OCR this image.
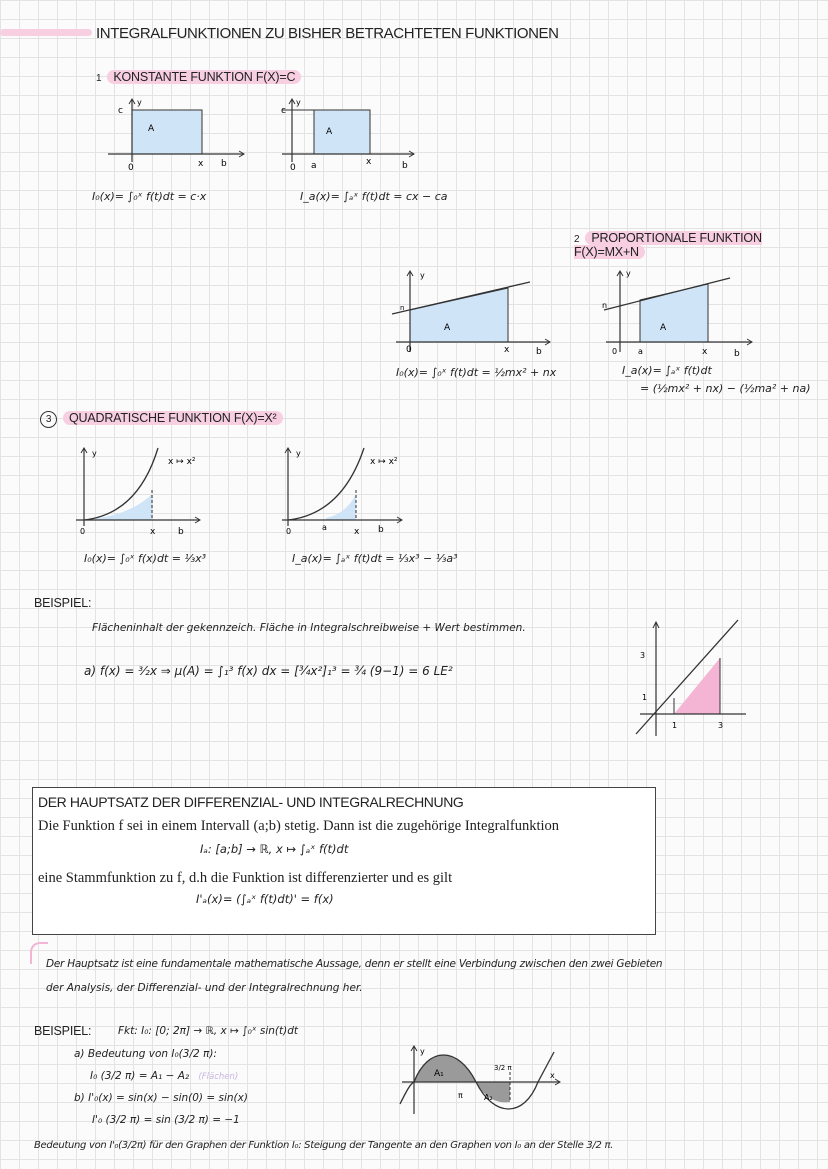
INTEGRALFUNKTIONEN ZU BISHER BETRACHTETEN FUNKTIONEN
1 KONSTANTE FUNKTION F(X)=C
c
y
A
0	x b
I₀(x)= ∫₀ˣ f(t)dt = c·x
c
y
A
0 a	x	b
I_a(x)= ∫ₐˣ f(t)dt = cx − ca
2 PROPORTIONALE FUNKTION F(X)=MX+N
y
n
A
0	x	b
I₀(x)= ∫₀ˣ f(t)dt = ½mx² + nx
y
n
A
0	a	x	b
I_a(x)= ∫ₐˣ f(t)dt
= (½mx² + nx) − (½ma² + na)
3 QUADRATISCHE FUNKTION F(X)=X²
y
x ↦ x²
0	x	b
I₀(x)= ∫₀ˣ f(x)dt = ⅓x³
y
x ↦ x²
0	a	x b
I_a(x)= ∫ₐˣ f(t)dt = ⅓x³ − ⅓a³
BEISPIEL:
Flächeninhalt der gekennzeich. Fläche in Integralschreibweise + Wert bestimmen.
a) f(x) = ³⁄₂x ⇒ μ(A) = ∫₁³ f(x) dx = [¾x²]₁³ = ¾ (9−1) = 6 LE²
3
1
1	3
DER HAUPTSATZ DER DIFFERENZIAL- UND INTEGRALRECHNUNG
Die Funktion f sei in einem Intervall (a;b) stetig. Dann ist die zugehörige Integralfunktion
Iₐ: [a;b] → ℝ, x ↦ ∫ₐˣ f(t)dt
eine Stammfunktion zu f, d.h die Funktion ist differenzierter und es gilt
I'ₐ(x)= (∫ₐˣ f(t)dt)' = f(x)
Der Hauptsatz ist eine fundamentale mathematische Aussage, denn er stellt eine Verbindung zwischen den zwei Gebieten
der Analysis, der Differenzial- und der Integralrechnung her.
BEISPIEL:	Fkt: I₀: [0; 2π] → ℝ, x ↦ ∫₀ˣ sin(t)dt
a) Bedeutung von I₀(3/2 π):
I₀ (3/2 π) = A₁ − A₂ (Flächen)
b) I'₀(x) = sin(x) − sin(0) = sin(x)
I'₀ (3/2 π) = sin (3/2 π) = −1
Bedeutung von I'₀(3/2π) für den Graphen der Funktion I₀: Steigung der Tangente an den Graphen von I₀ an der Stelle 3/2 π.
y
x
A₁
A₂
π
3/2 π
